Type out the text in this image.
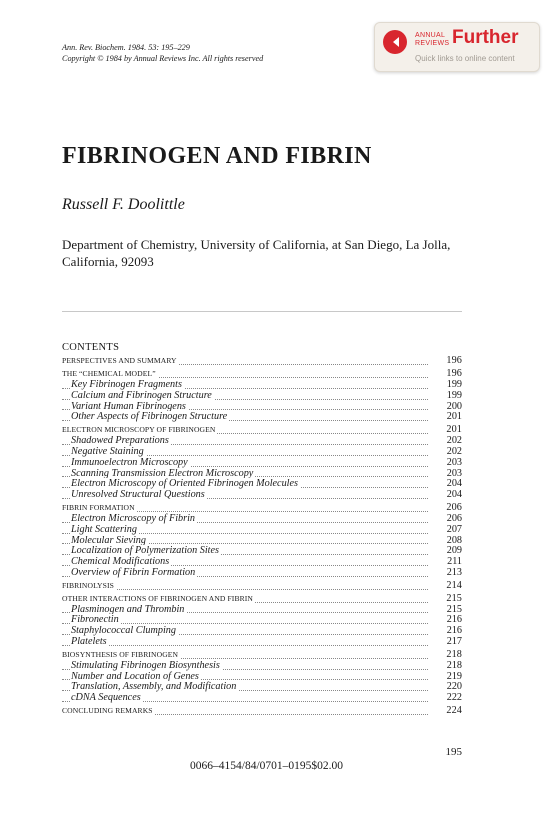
Ann. Rev. Biochem. 1984. 53: 195–229
Copyright © 1984 by Annual Reviews Inc. All rights reserved
ANNUAL
REVIEWS Further
Quick links to online content
FIBRINOGEN AND FIBRIN
Russell F. Doolittle
Department of Chemistry, University of California, at San Diego, La Jolla, California, 92093
CONTENTS
PERSPECTIVES AND SUMMARY	196
THE “CHEMICAL MODEL”	196
Key Fibrinogen Fragments	199
Calcium and Fibrinogen Structure	199
Variant Human Fibrinogens	200
Other Aspects of Fibrinogen Structure	201
ELECTRON MICROSCOPY OF FIBRINOGEN	201
Shadowed Preparations	202
Negative Staining	202
Immunoelectron Microscopy	203
Scanning Transmission Electron Microscopy	203
Electron Microscopy of Oriented Fibrinogen Molecules	204
Unresolved Structural Questions	204
FIBRIN FORMATION	206
Electron Microscopy of Fibrin	206
Light Scattering	207
Molecular Sieving	208
Localization of Polymerization Sites	209
Chemical Modifications	211
Overview of Fibrin Formation	213
FIBRINOLYSIS	214
OTHER INTERACTIONS OF FIBRINOGEN AND FIBRIN	215
Plasminogen and Thrombin	215
Fibronectin	216
Staphylococcal Clumping	216
Platelets	217
BIOSYNTHESIS OF FIBRINOGEN	218
Stimulating Fibrinogen Biosynthesis	218
Number and Location of Genes	219
Translation, Assembly, and Modification	220
cDNA Sequences	222
CONCLUDING REMARKS	224
195
0066–4154/84/0701–0195$02.00
